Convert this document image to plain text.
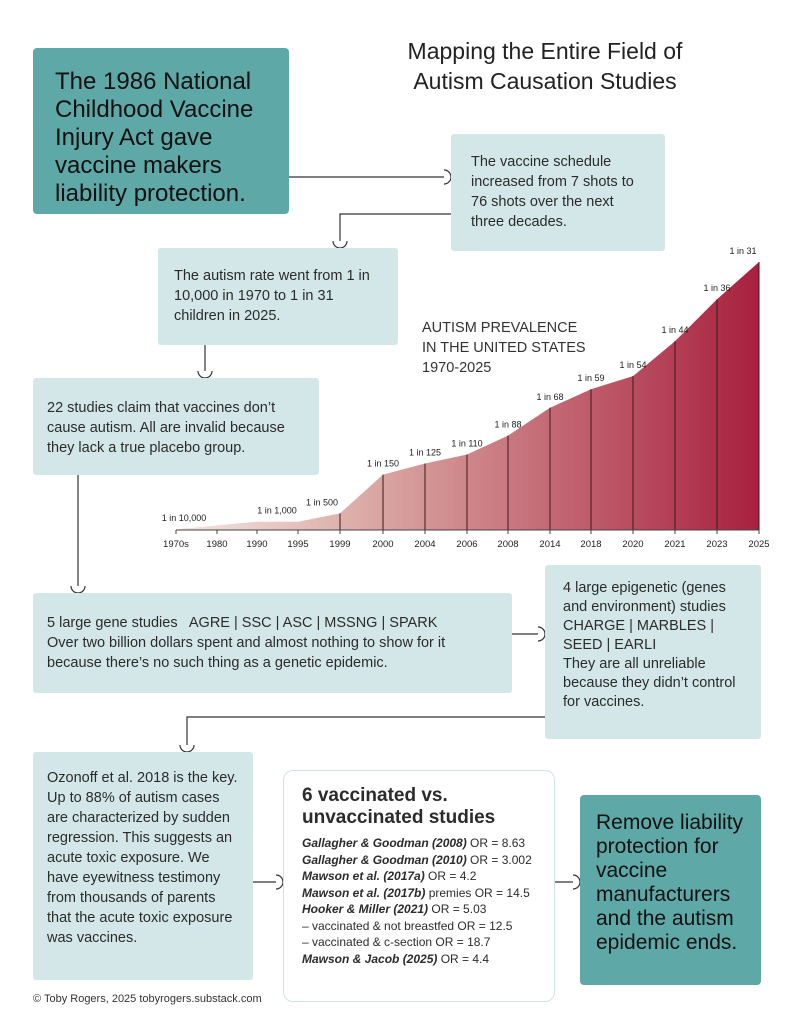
Mapping the Entire Field of
Autism Causation Studies
1970s 1980 1990 1995 1999 2000 2004 2006 2008 2014 2018 2020 2021 2023 2025
1 in 10,000
1 in 1,000
1 in 500
1 in 150
1 in 125
1 in 110
1 in 88
1 in 68
1 in 59
1 in 54
1 in 44
1 in 36
1 in 31
AUTISM PREVALENCE
IN THE UNITED STATES
1970-2025
The 1986 National Childhood Vaccine Injury Act gave vaccine makers liability protection.
The vaccine schedule increased from 7 shots to 76 shots over the next three decades.
The autism rate went from 1 in 10,000 in 1970 to 1 in 31 children in 2025.
22 studies claim that vaccines don’t cause autism. All are invalid because they lack a true placebo group.
5 large gene studies AGRE | SSC | ASC | MSSNG | SPARK
Over two billion dollars spent and almost nothing to show for it because there’s no such thing as a genetic epidemic.
4 large epigenetic (genes and environment) studies
CHARGE | MARBLES | SEED | EARLI
They are all unreliable because they didn’t control for vaccines.
Ozonoff et al. 2018 is the key. Up to 88% of autism cases are characterized by sudden regression. This suggests an acute toxic exposure. We have eyewitness testimony from thousands of parents that the acute toxic exposure was vaccines.
6 vaccinated vs.
unvaccinated studies
Gallagher & Goodman (2008) OR = 8.63
Gallagher & Goodman (2010) OR = 3.002
Mawson et al. (2017a) OR = 4.2
Mawson et al. (2017b) premies OR = 14.5
Hooker & Miller (2021) OR = 5.03
– vaccinated & not breastfed OR = 12.5
– vaccinated & c-section OR = 18.7
Mawson & Jacob (2025) OR = 4.4
Remove liability protection for vaccine manufacturers and the autism epidemic ends.
© Toby Rogers, 2025 tobyrogers.substack.com
